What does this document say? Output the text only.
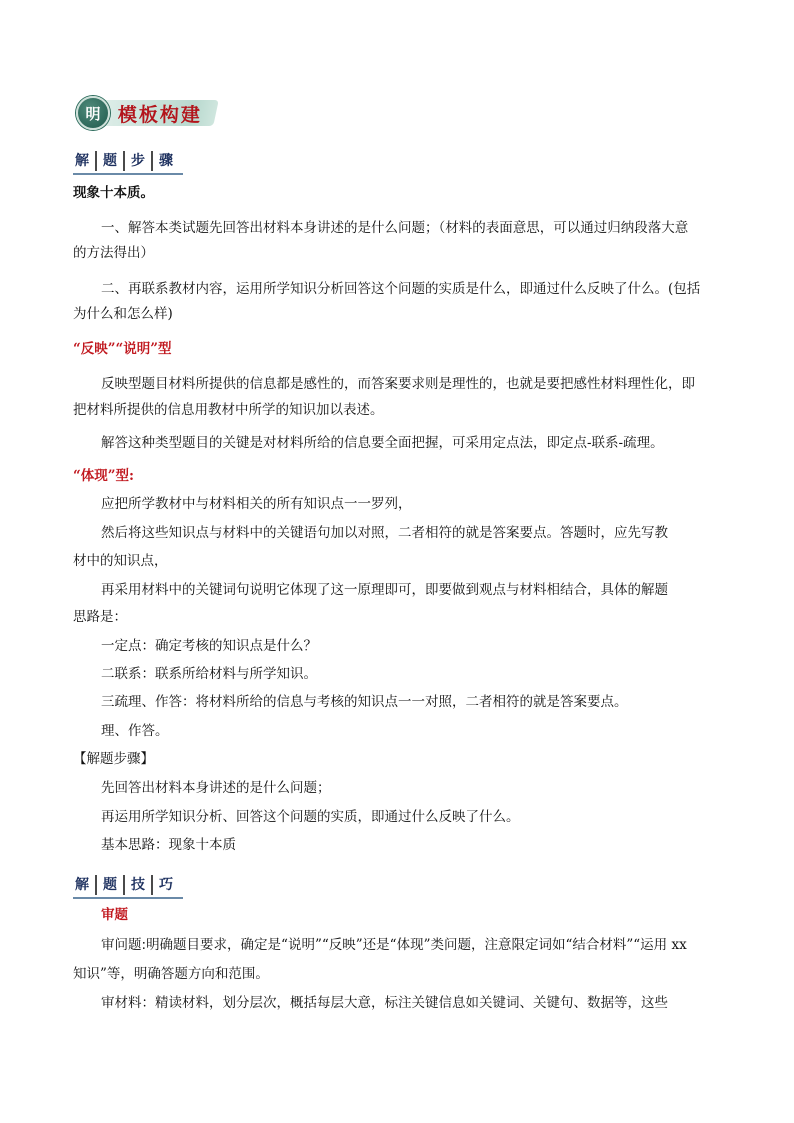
明 模板构建
解	题	步	骤
现象十本质。
一、解答本类试题先回答出材料本身讲述的是什么问题；（材料的表面意思，可以通过归纳段落大意
的方法得出）
二、再联系教材内容，运用所学知识分析回答这个问题的实质是什么，即通过什么反映了什么。(包括
为什么和怎么样)
“反映”“说明”型
反映型题目材料所提供的信息都是感性的，而答案要求则是理性的，也就是要把感性材料理性化，即
把材料所提供的信息用教材中所学的知识加以表述。
解答这种类型题目的关键是对材料所给的信息要全面把握，可采用定点法，即定点-联系-疏理。
“体现”型:
应把所学教材中与材料相关的所有知识点一一罗列，
然后将这些知识点与材料中的关键语句加以对照，二者相符的就是答案要点。答题时，应先写教
材中的知识点，
再采用材料中的关键词句说明它体现了这一原理即可，即要做到观点与材料相结合，具体的解题
思路是：
一定点：确定考核的知识点是什么？
二联系：联系所给材料与所学知识。
三疏理、作答：将材料所给的信息与考核的知识点一一对照，二者相符的就是答案要点。
理、作答。
【解题步骤】
先回答出材料本身讲述的是什么问题；
再运用所学知识分析、回答这个问题的实质，即通过什么反映了什么。
基本思路：现象十本质
解	题	技	巧
审题
审问题:明确题目要求，确定是“说明”“反映”还是“体现”类问题，注意限定词如“结合材料”“运用 xx
知识”等，明确答题方向和范围。
审材料：精读材料，划分层次，概括每层大意，标注关键信息如关键词、关键句、数据等，这些
